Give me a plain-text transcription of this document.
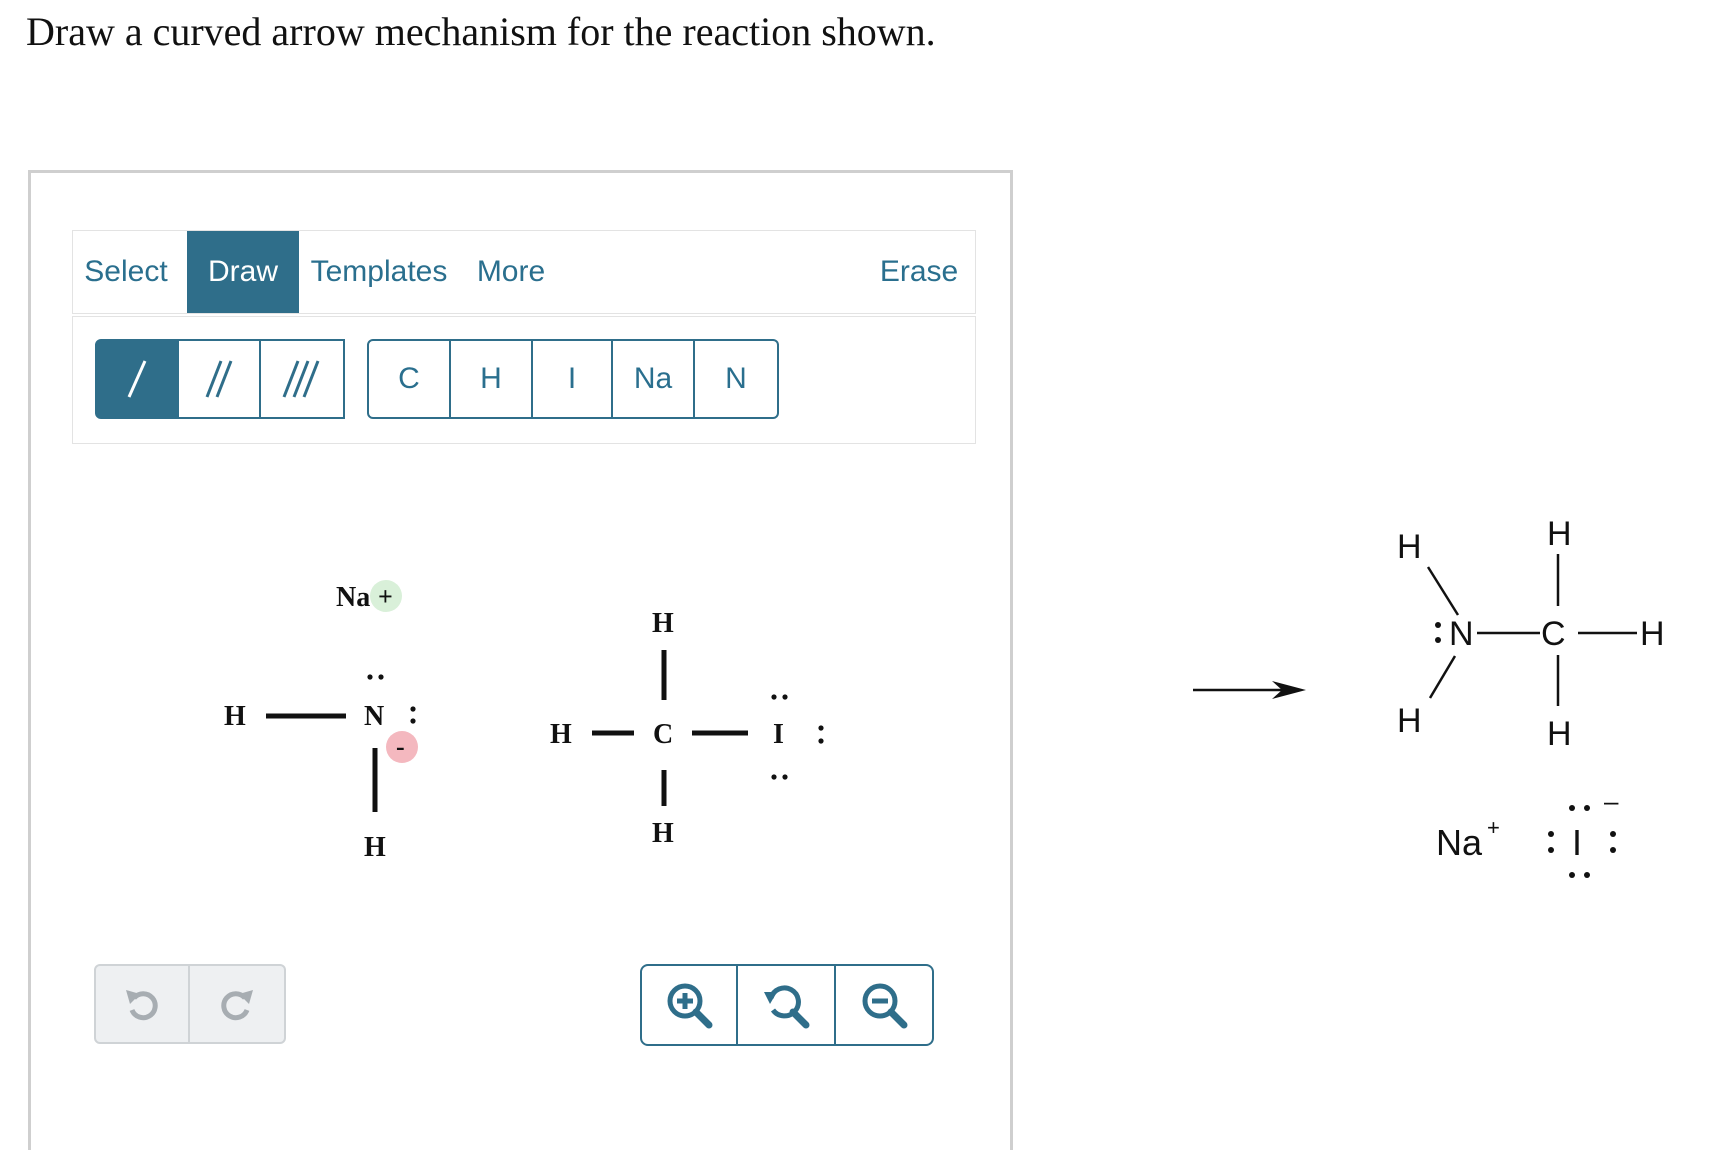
Draw a curved arrow mechanism for the reaction shown.
Select	Draw	Templates More	Erase
C	H	I	Na	N
Na +
H	N
-
H
H
H	C	I
H
H
N
H
C
H
H
H
Na + I
–
